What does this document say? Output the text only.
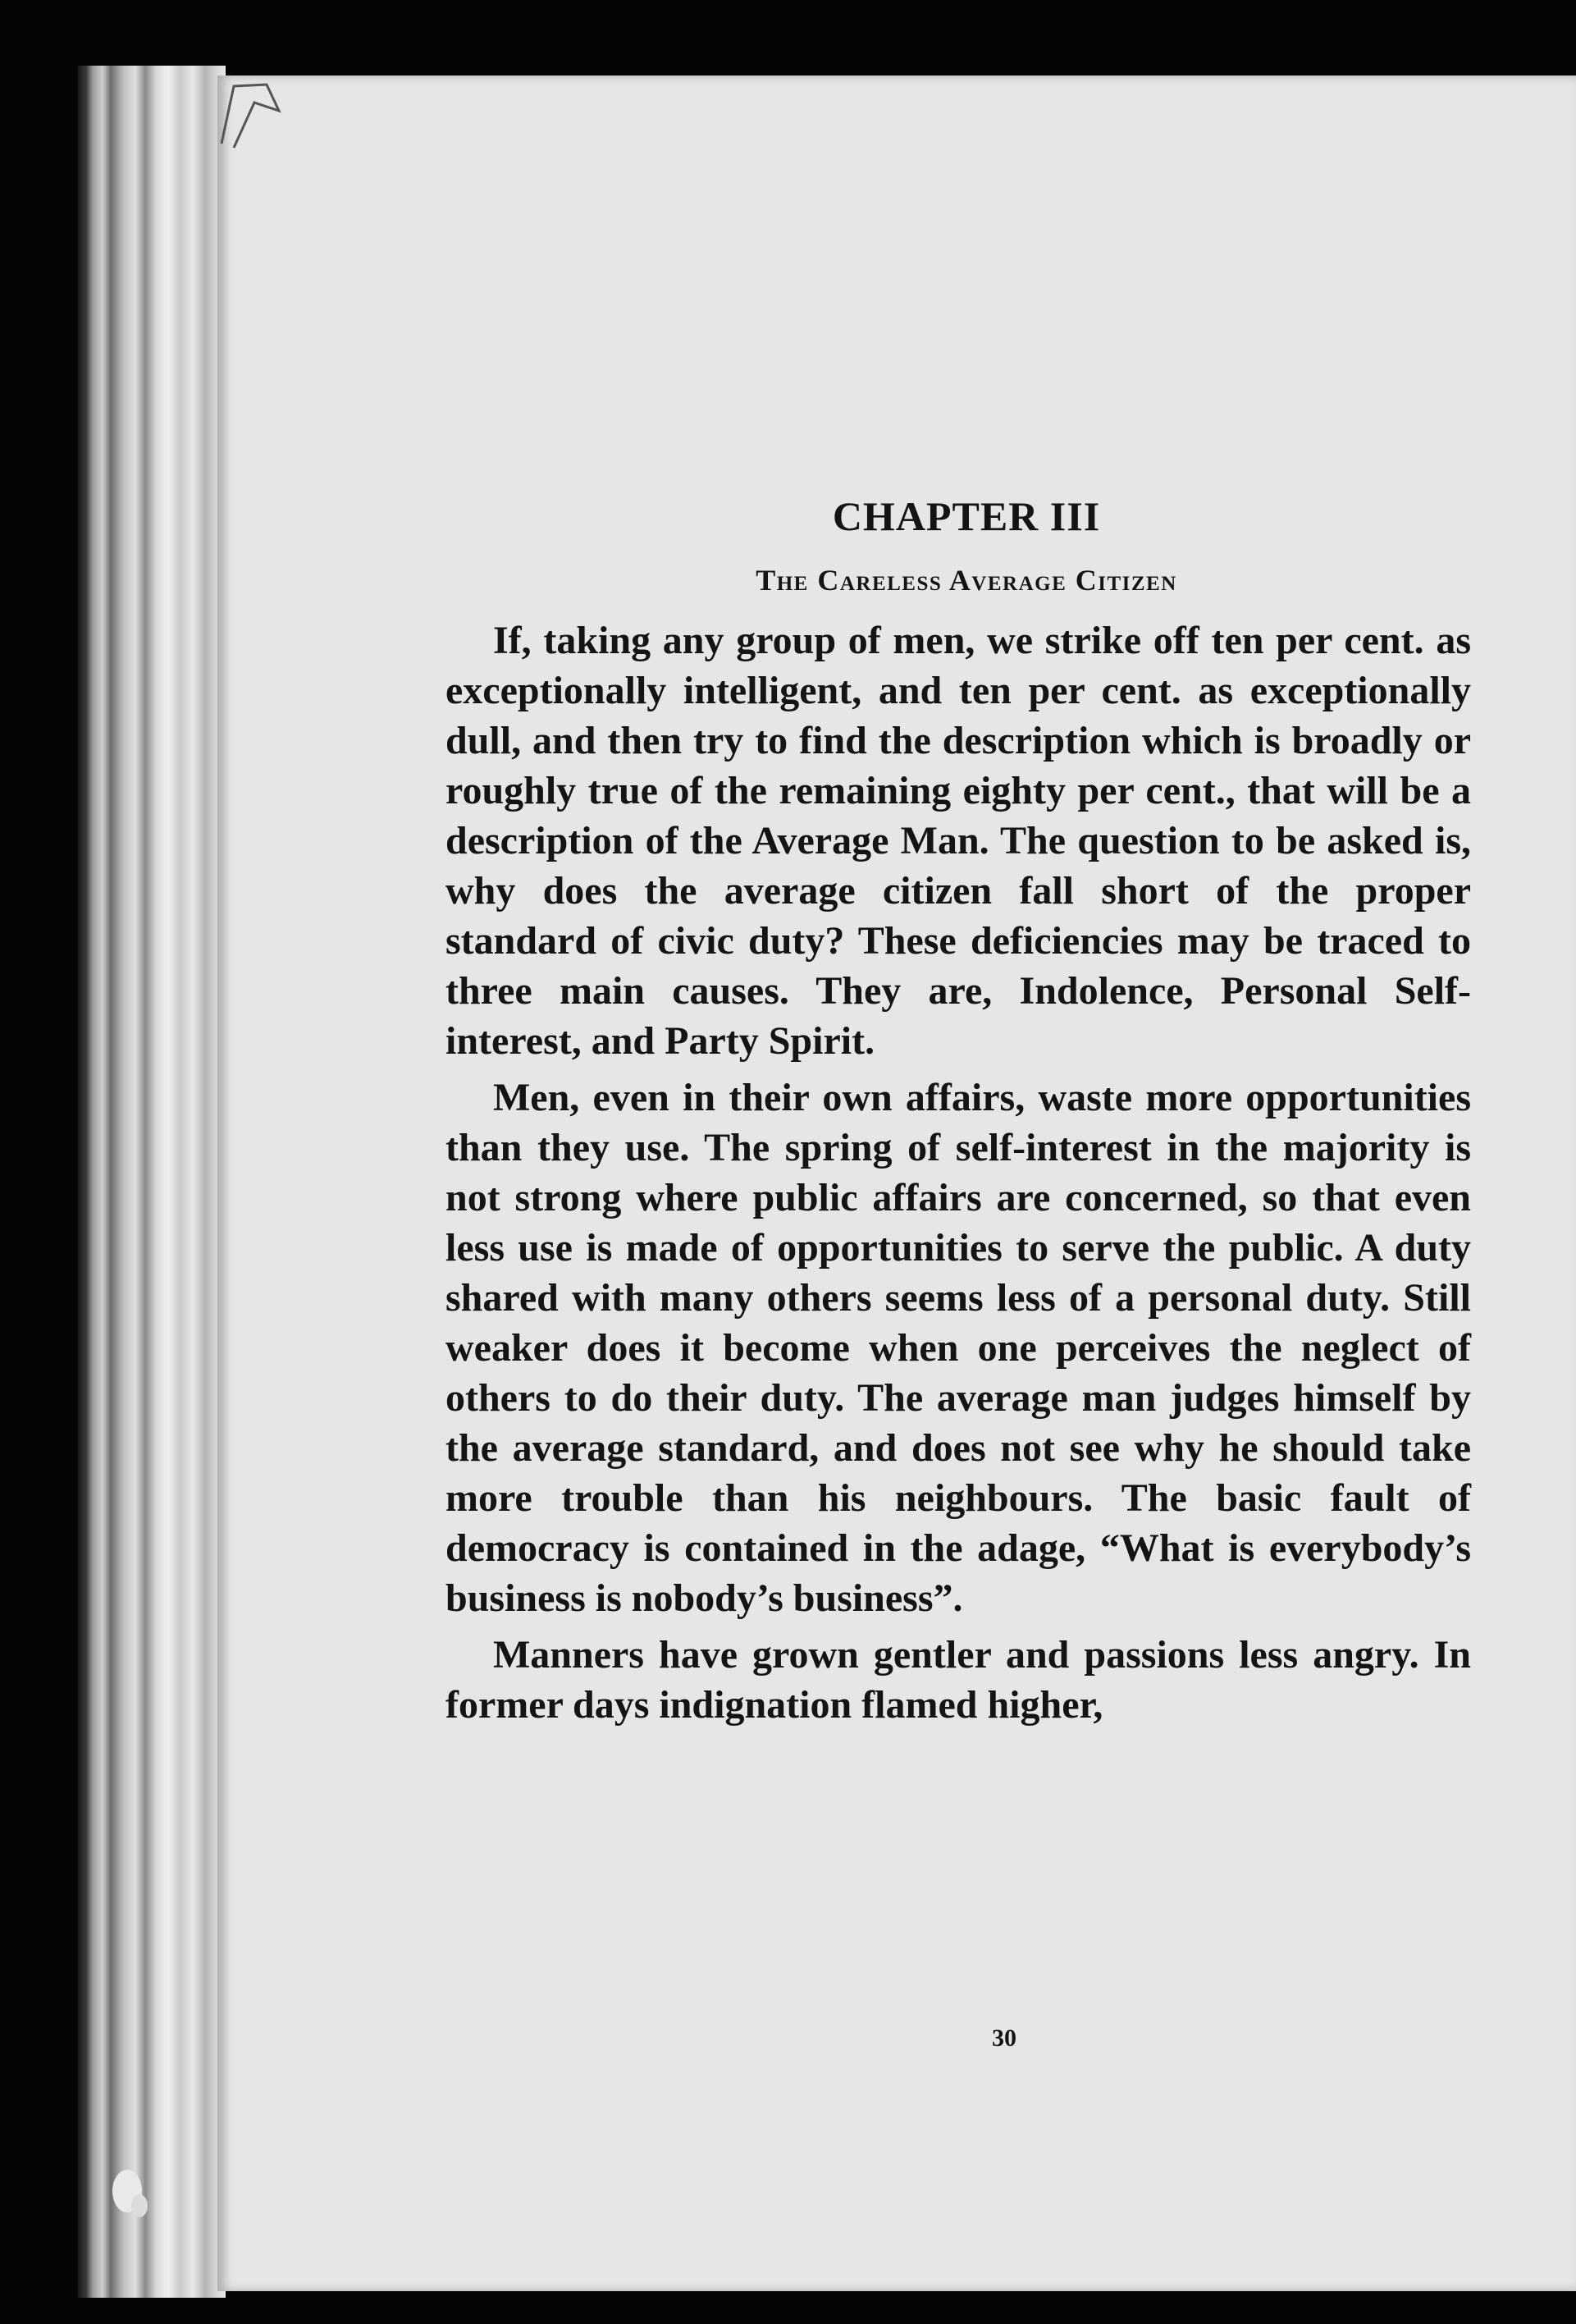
30
CHAPTER III
The Careless Average Citizen

If, taking any group of men, we strike off ten per cent. as exceptionally intelligent, and ten per cent. as exceptionally dull, and then try to find the description which is broadly or roughly true of the remaining eighty per cent., that will be a description of the Average Man. The question to be asked is, why does the average citizen fall short of the proper standard of civic duty? These deficiencies may be traced to three main causes. They are, Indolence, Personal Self-interest, and Party Spirit.

Men, even in their own affairs, waste more opportunities than they use. The spring of self-interest in the majority is not strong where public affairs are concerned, so that even less use is made of opportunities to serve the public. A duty shared with many others seems less of a personal duty. Still weaker does it become when one perceives the neglect of others to do their duty. The average man judges himself by the average standard, and does not see why he should take more trouble than his neighbours. The basic fault of democracy is contained in the adage, “What is everybody’s business is nobody’s business”.

Manners have grown gentler and passions less angry. In former days indignation flamed higher,
